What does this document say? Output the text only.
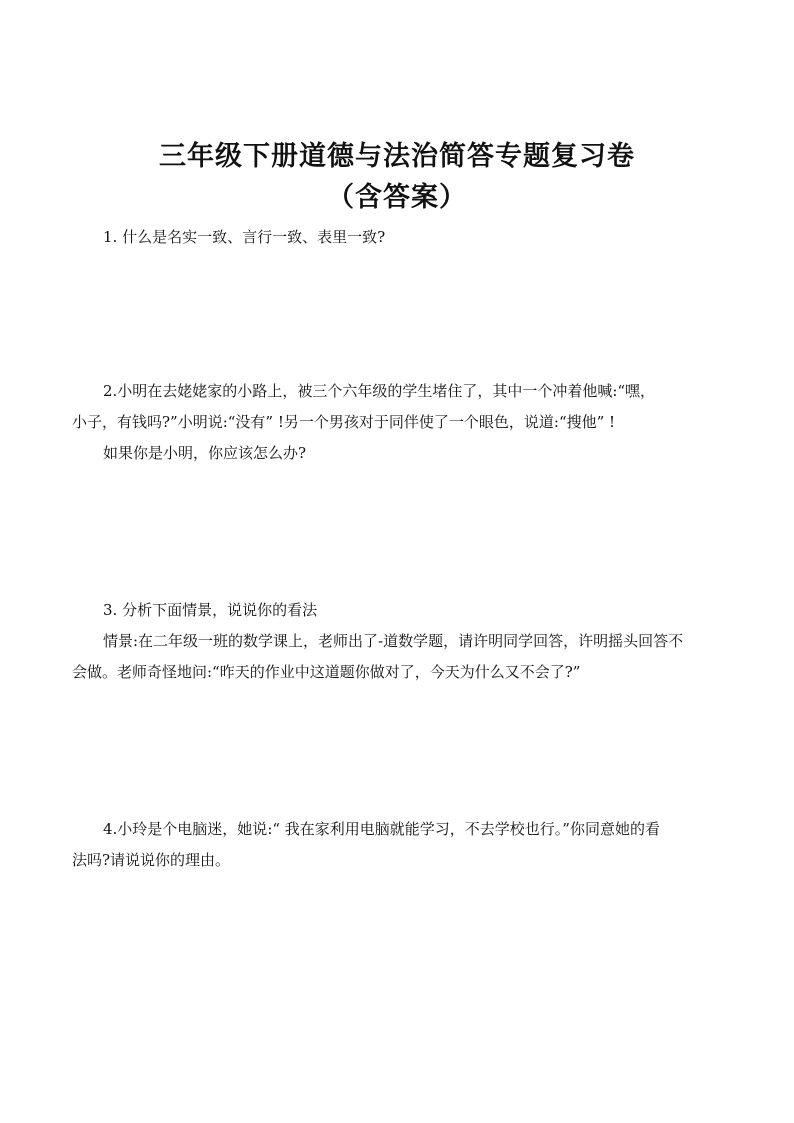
三年级下册道德与法治简答专题复习卷
（含答案）

1. 什么是名实一致、言行一致、表里一致?

2.小明在去姥姥家的小路上，被三个六年级的学生堵住了，其中一个冲着他喊:“嘿，

小子，有钱吗?”小明说:“没有” !另一个男孩对于同伴使了一个眼色，说道:“搜他” !

如果你是小明，你应该怎么办?

3. 分析下面情景，说说你的看法

情景:在二年级一班的数学课上，老师出了-道数学题，请许明同学回答，许明摇头回答不

会做。老师奇怪地问:“昨天的作业中这道题你做对了，今天为什么又不会了?”

4.小玲是个电脑迷，她说:“ 我在家利用电脑就能学习，不去学校也行。”你同意她的看

法吗?请说说你的理由。
